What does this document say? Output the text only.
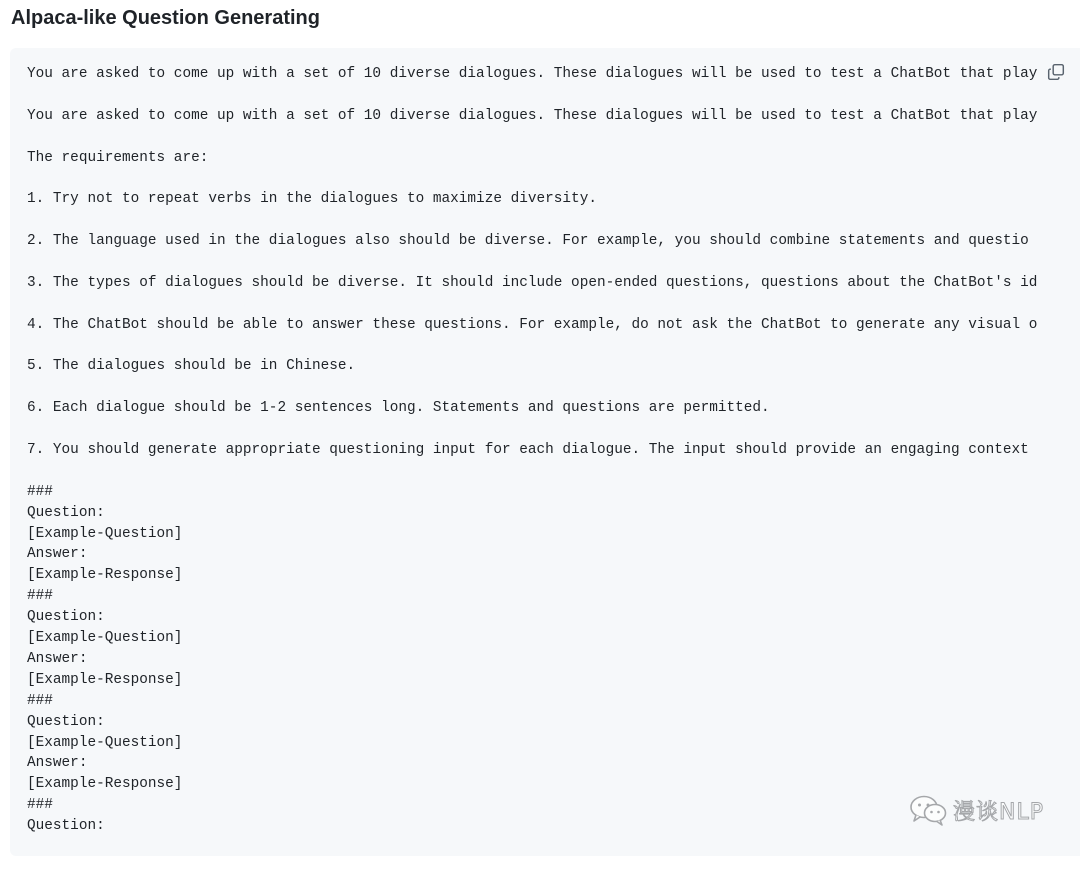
Alpaca-like Question Generating
You are asked to come up with a set of 10 diverse dialogues. These dialogues will be used to test a ChatBot that play
You are asked to come up with a set of 10 diverse dialogues. These dialogues will be used to test a ChatBot that play
The requirements are:
1. Try not to repeat verbs in the dialogues to maximize diversity.
2. The language used in the dialogues also should be diverse. For example, you should combine statements and questio
3. The types of dialogues should be diverse. It should include open-ended questions, questions about the ChatBot's id
4. The ChatBot should be able to answer these questions. For example, do not ask the ChatBot to generate any visual o
5. The dialogues should be in Chinese.
6. Each dialogue should be 1-2 sentences long. Statements and questions are permitted.
7. You should generate appropriate questioning input for each dialogue. The input should provide an engaging context
###
Question:
[Example-Question]
Answer:
[Example-Response]
###
Question:
[Example-Question]
Answer:
[Example-Response]
###
Question:
[Example-Question]
Answer:
[Example-Response]
###
Question:
漫谈NLP
